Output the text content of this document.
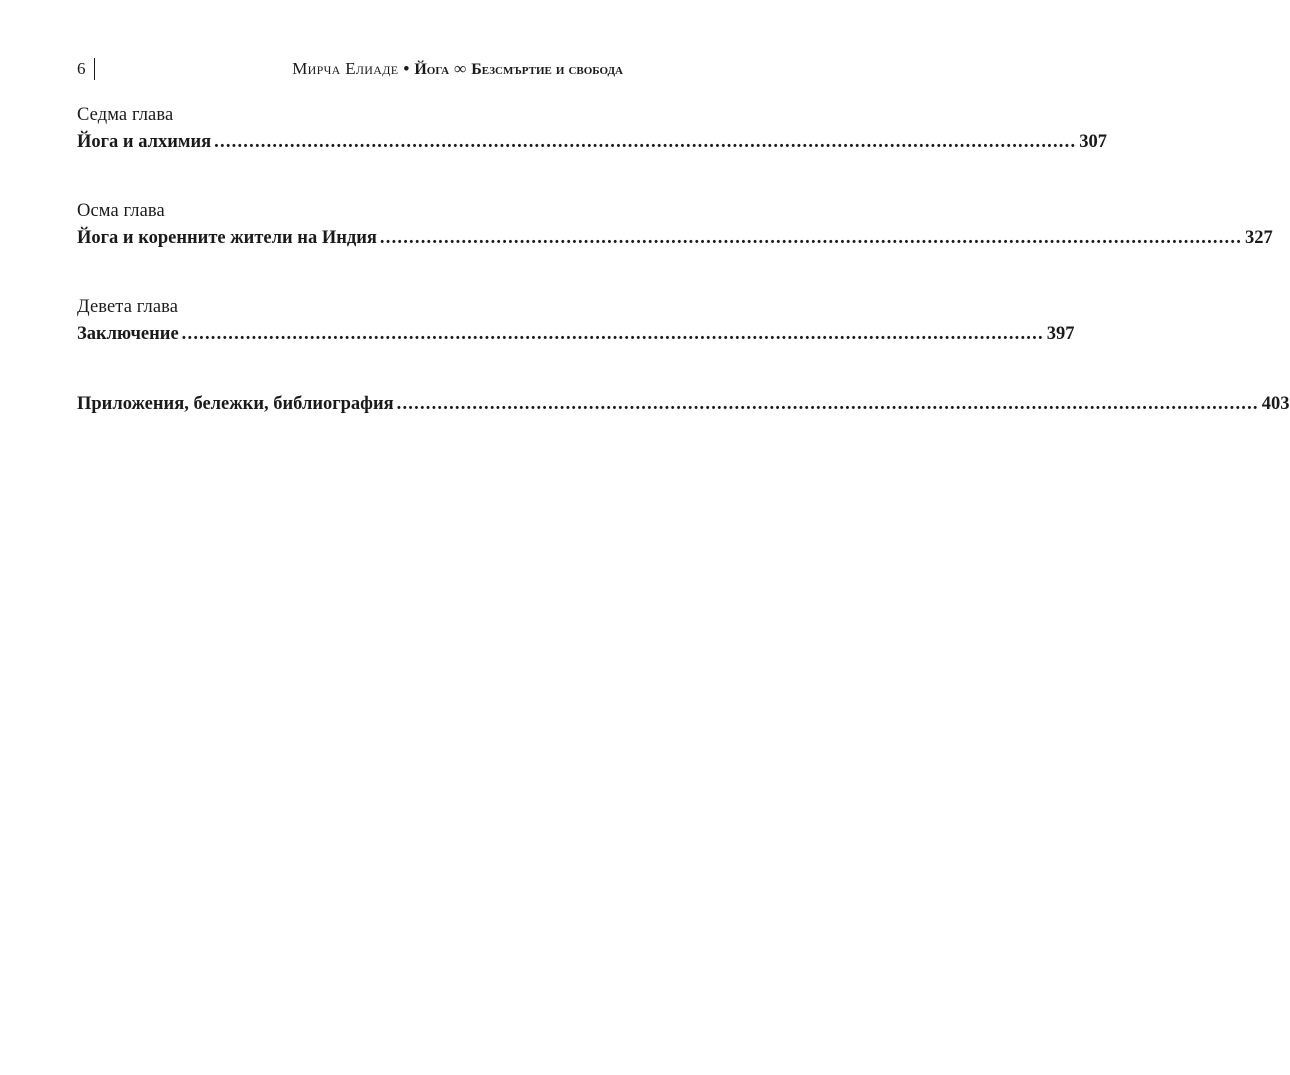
6	Мирча Елиаде • Йога ∞ Безсмъртие и свобода
Седма глава
Йога и алхимия .................................................................................................................................................... 307
Осма глава
Йога и коренните жители на Индия .................................................................................................................................................... 327
Девета глава
Заключение .................................................................................................................................................... 397
Приложения, бележки, библиография .................................................................................................................................................... 403
